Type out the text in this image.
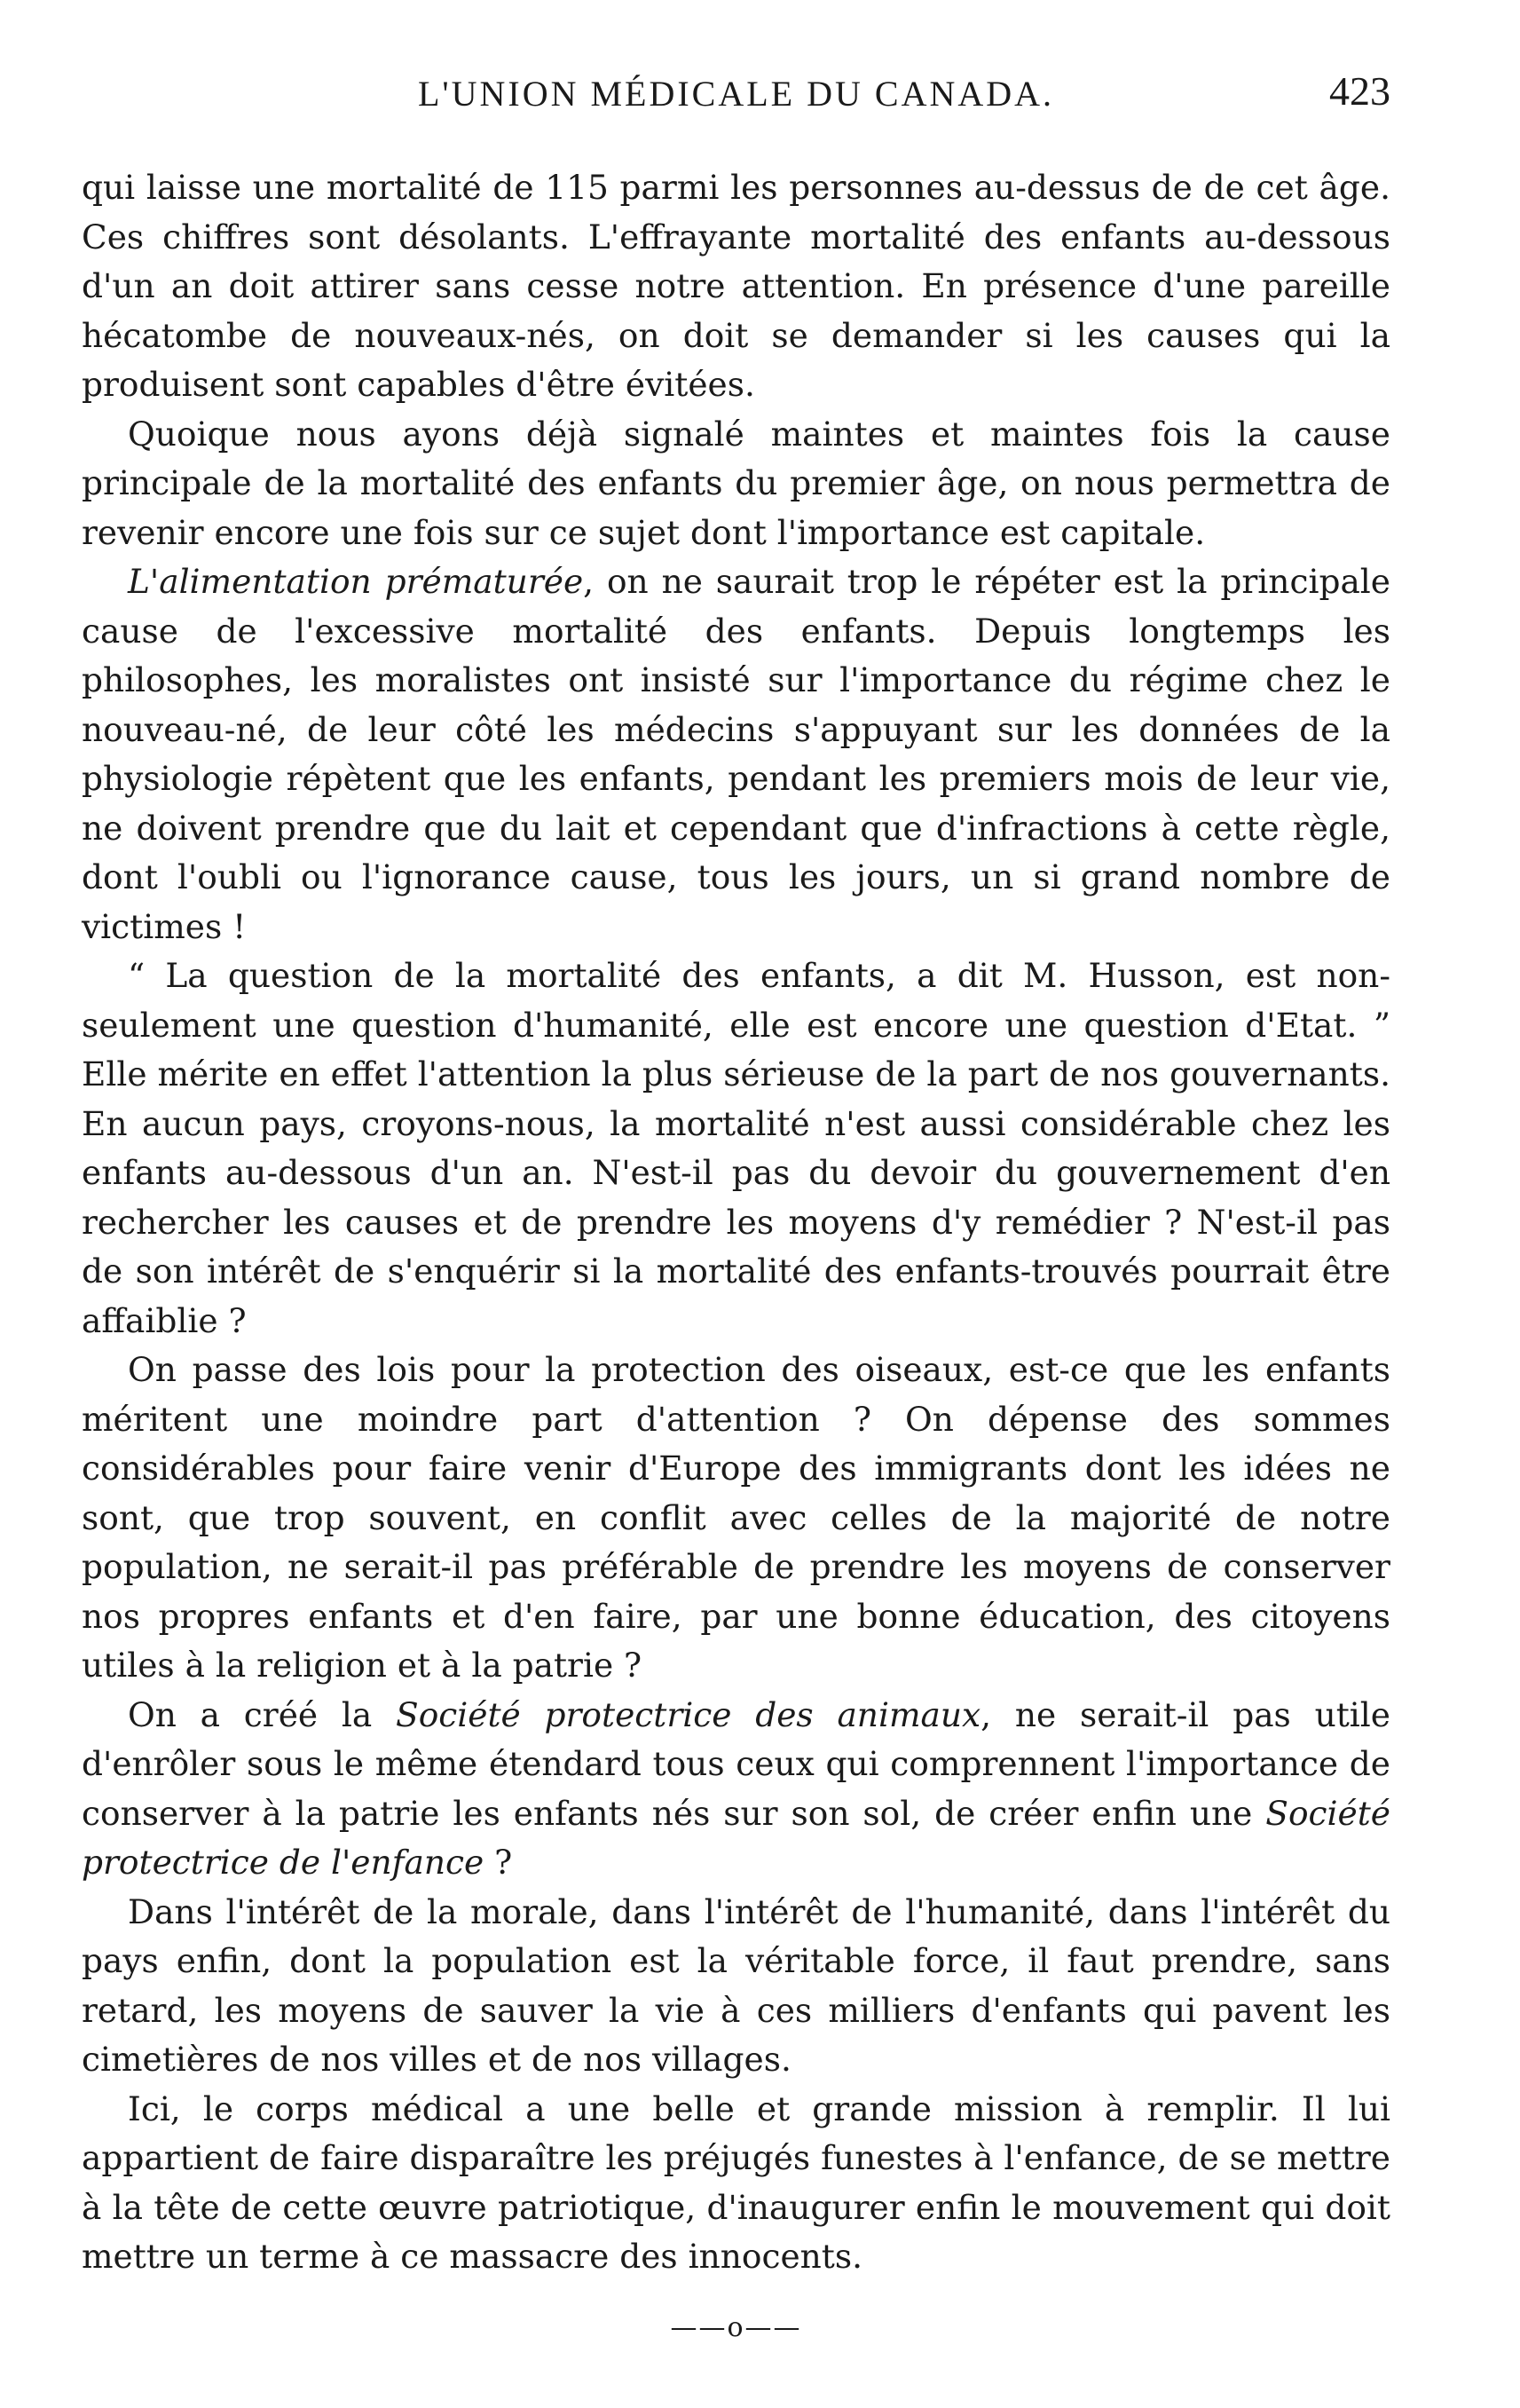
L'UNION MÉDICALE DU CANADA.	423

qui laisse une mortalité de 115 parmi les personnes au-dessus de de cet âge. Ces chiffres sont désolants. L'effrayante mortalité des enfants au-dessous d'un an doit attirer sans cesse notre attention. En présence d'une pareille hécatombe de nouveaux-nés, on doit se demander si les causes qui la produisent sont capables d'être évitées.

Quoique nous ayons déjà signalé maintes et maintes fois la cause principale de la mortalité des enfants du premier âge, on nous permettra de revenir encore une fois sur ce sujet dont l'importance est capitale.

L'alimentation prématurée, on ne saurait trop le répéter est la principale cause de l'excessive mortalité des enfants. Depuis longtemps les philosophes, les moralistes ont insisté sur l'importance du régime chez le nouveau-né, de leur côté les médecins s'appuyant sur les données de la physiologie répètent que les enfants, pendant les premiers mois de leur vie, ne doivent prendre que du lait et cependant que d'infractions à cette règle, dont l'oubli ou l'ignorance cause, tous les jours, un si grand nombre de victimes !

“ La question de la mortalité des enfants, a dit M. Husson, est non-seulement une question d'humanité, elle est encore une question d'Etat. ” Elle mérite en effet l'attention la plus sérieuse de la part de nos gouvernants. En aucun pays, croyons-nous, la mortalité n'est aussi considérable chez les enfants au-dessous d'un an. N'est-il pas du devoir du gouvernement d'en rechercher les causes et de prendre les moyens d'y remédier ? N'est-il pas de son intérêt de s'enquérir si la mortalité des enfants-trouvés pourrait être affaiblie ?

On passe des lois pour la protection des oiseaux, est-ce que les enfants méritent une moindre part d'attention ? On dépense des sommes considérables pour faire venir d'Europe des immigrants dont les idées ne sont, que trop souvent, en conflit avec celles de la majorité de notre population, ne serait-il pas préférable de prendre les moyens de conserver nos propres enfants et d'en faire, par une bonne éducation, des citoyens utiles à la religion et à la patrie ?

On a créé la Société protectrice des animaux, ne serait-il pas utile d'enrôler sous le même étendard tous ceux qui comprennent l'importance de conserver à la patrie les enfants nés sur son sol, de créer enfin une Société protectrice de l'enfance ?

Dans l'intérêt de la morale, dans l'intérêt de l'humanité, dans l'intérêt du pays enfin, dont la population est la véritable force, il faut prendre, sans retard, les moyens de sauver la vie à ces milliers d'enfants qui pavent les cimetières de nos villes et de nos villages.

Ici, le corps médical a une belle et grande mission à remplir. Il lui appartient de faire disparaître les préjugés funestes à l'enfance, de se mettre à la tête de cette œuvre patriotique, d'inaugurer enfin le mouvement qui doit mettre un terme à ce massacre des innocents.

——o——
